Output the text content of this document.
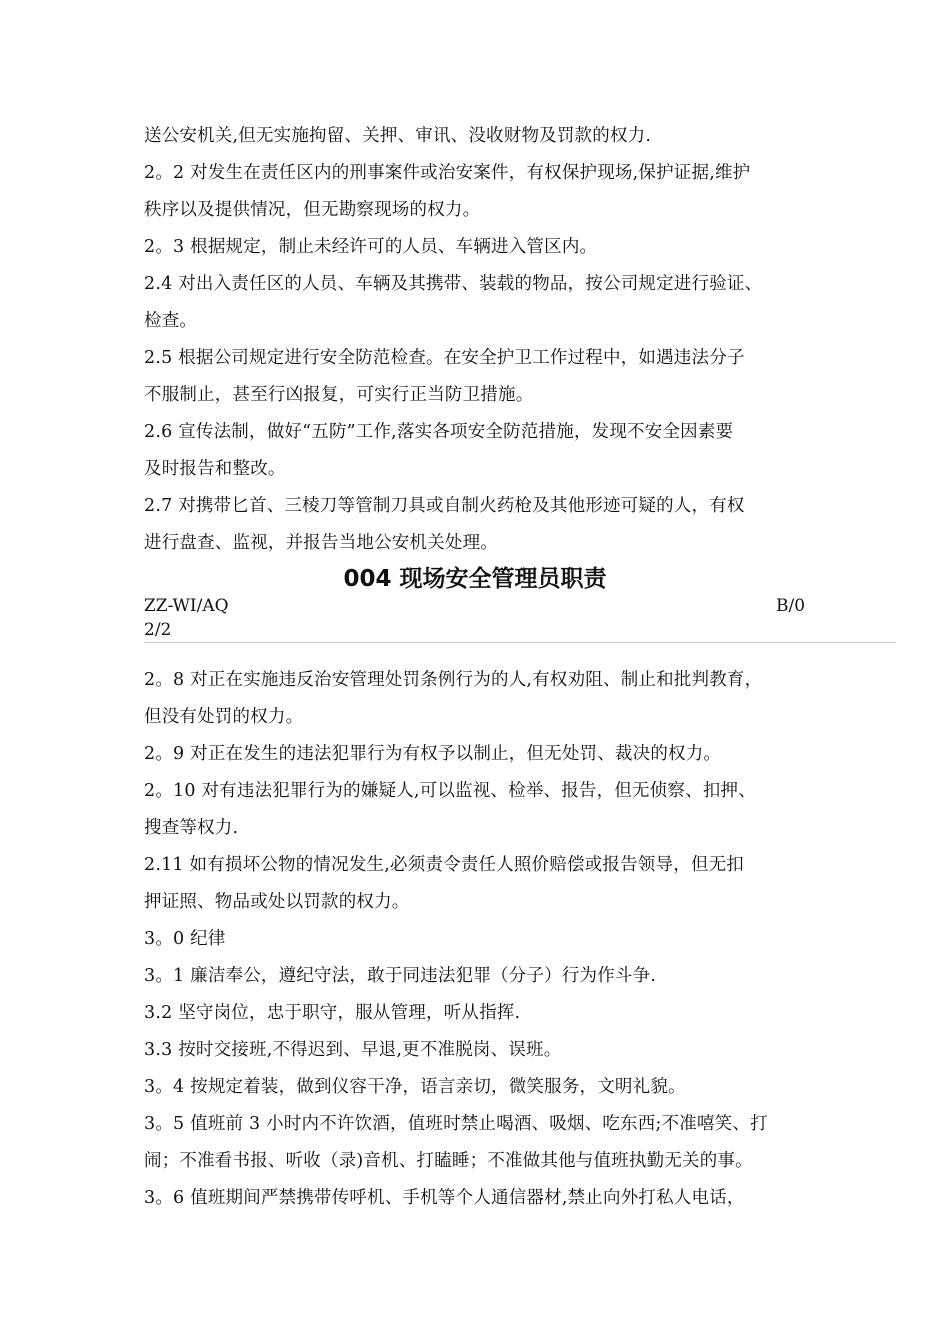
送公安机关,但无实施拘留、关押、审讯、没收财物及罚款的权力.
2。2 对发生在责任区内的刑事案件或治安案件，有权保护现场,保护证据,维护
秩序以及提供情况，但无勘察现场的权力。
2。3 根据规定，制止未经许可的人员、车辆进入管区内。
2.4 对出入责任区的人员、车辆及其携带、装载的物品，按公司规定进行验证、
检查。
2.5 根据公司规定进行安全防范检查。在安全护卫工作过程中，如遇违法分子
不服制止，甚至行凶报复，可实行正当防卫措施。
2.6 宣传法制，做好“五防”工作,落实各项安全防范措施，发现不安全因素要
及时报告和整改。
2.7 对携带匕首、三棱刀等管制刀具或自制火药枪及其他形迹可疑的人，有权
进行盘查、监视，并报告当地公安机关处理。
004 现场安全管理员职责
ZZ-WI/AQ	B/0
2/2
2。8 对正在实施违反治安管理处罚条例行为的人,有权劝阻、制止和批判教育，
但没有处罚的权力。
2。9 对正在发生的违法犯罪行为有权予以制止，但无处罚、裁决的权力。
2。10 对有违法犯罪行为的嫌疑人,可以监视、检举、报告，但无侦察、扣押、
搜查等权力.
2.11 如有损坏公物的情况发生,必须责令责任人照价赔偿或报告领导，但无扣
押证照、物品或处以罚款的权力。
3。0 纪律
3。1 廉洁奉公，遵纪守法，敢于同违法犯罪（分子）行为作斗争.
3.2 坚守岗位，忠于职守，服从管理，听从指挥.
3.3 按时交接班,不得迟到、早退,更不准脱岗、误班。
3。4 按规定着装，做到仪容干净，语言亲切，微笑服务，文明礼貌。
3。5 值班前 3 小时内不许饮酒，值班时禁止喝酒、吸烟、吃东西;不准嘻笑、打
闹；不准看书报、听收（录)音机、打瞌睡；不准做其他与值班执勤无关的事。
3。6 值班期间严禁携带传呼机、手机等个人通信器材,禁止向外打私人电话，
